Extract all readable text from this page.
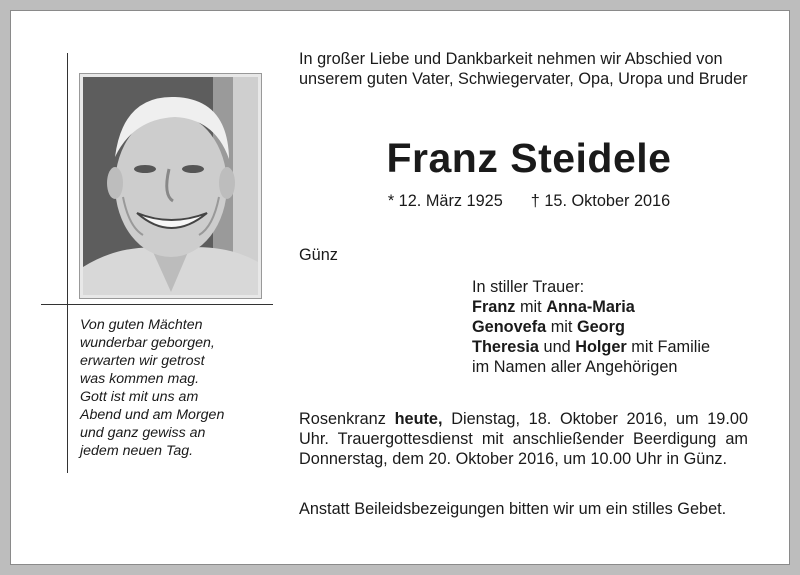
Von guten Mächten
wunderbar geborgen,
erwarten wir getrost
was kommen mag.
Gott ist mit uns am
Abend und am Morgen
und ganz gewiss an
jedem neuen Tag.
In großer Liebe und Dankbarkeit nehmen wir Abschied von unserem guten Vater, Schwiegervater, Opa, Uropa und Bruder
Franz Steidele
* 12. März 1925 † 15. Oktober 2016
Günz
In stiller Trauer:
Franz mit Anna-Maria
Genovefa mit Georg
Theresia und Holger mit Familie
im Namen aller Angehörigen
Rosenkranz heute, Dienstag, 18. Oktober 2016, um 19.00 Uhr. Trauergottesdienst mit anschließender Beerdigung am Donnerstag, dem 20. Oktober 2016, um 10.00 Uhr in Günz.
Anstatt Beileidsbezeigungen bitten wir um ein stilles Gebet.
